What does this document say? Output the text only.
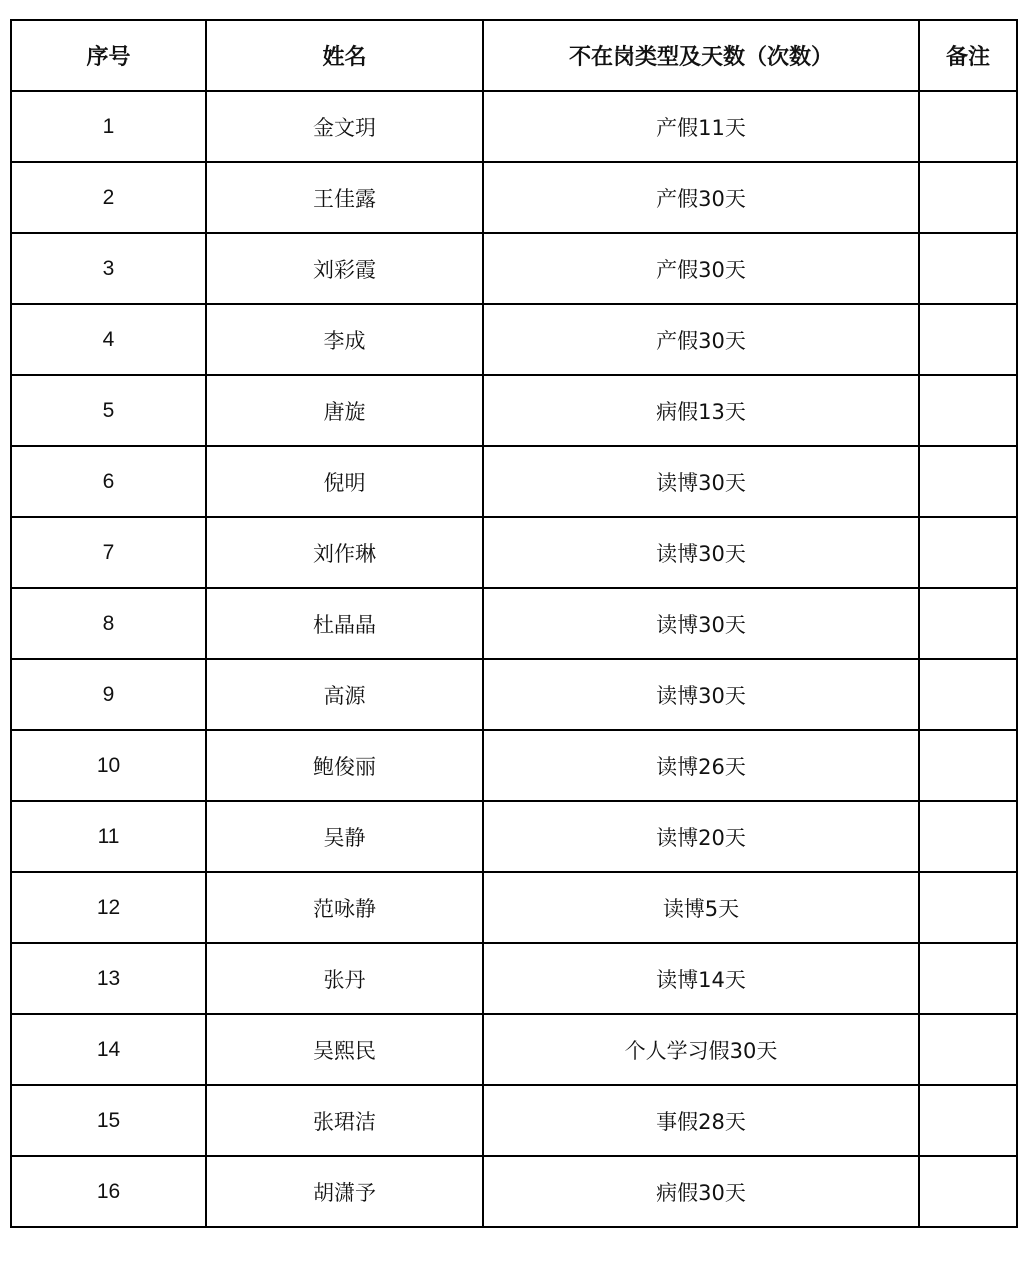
序号	姓名	不在岗类型及天数（次数）	备注
1	金文玥	产假11天	
2	王佳露	产假30天	
3	刘彩霞	产假30天	
4	李成	产假30天	
5	唐旋	病假13天	
6	倪明	读博30天	
7	刘作琳	读博30天	
8	杜晶晶	读博30天	
9	高源	读博30天	
10	鲍俊丽	读博26天	
11	吴静	读博20天	
12	范咏静	读博5天	
13	张丹	读博14天	
14	吴熙民	个人学习假30天	
15	张珺洁	事假28天	
16	胡潇予	病假30天	
